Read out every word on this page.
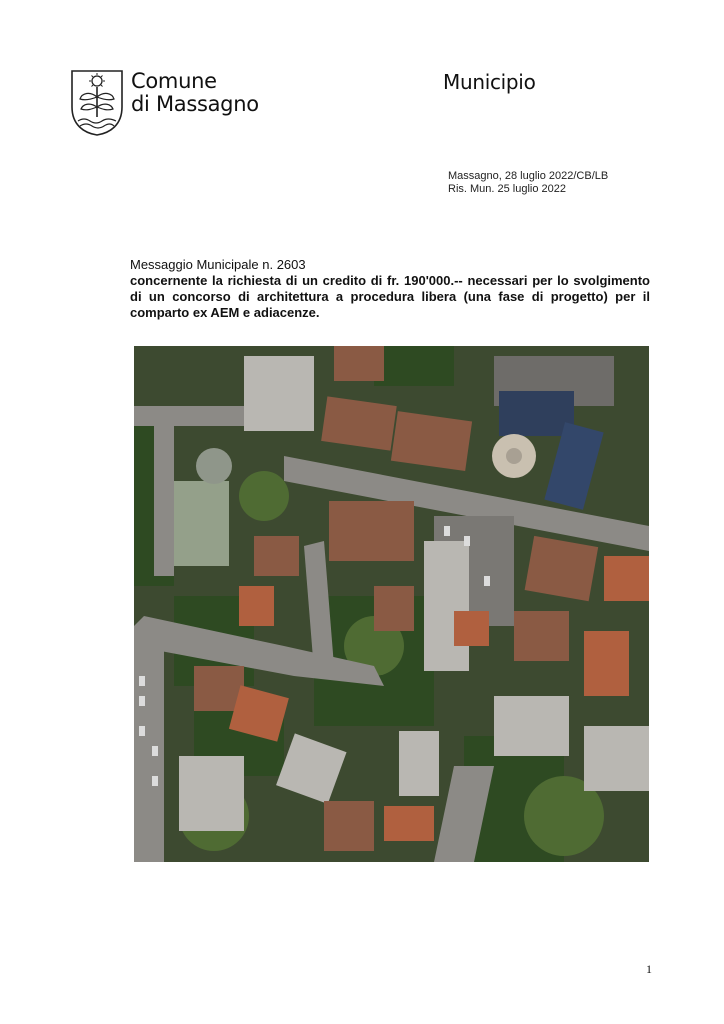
Comune
di Massagno
Municipio
Massagno, 28 luglio 2022/CB/LB
Ris. Mun. 25 luglio 2022
Messaggio Municipale n. 2603
concernente la richiesta di un credito di fr. 190'000.-- necessari per lo svolgimento di un concorso di architettura a procedura libera (una fase di progetto) per il comparto ex AEM e adiacenze.
1
